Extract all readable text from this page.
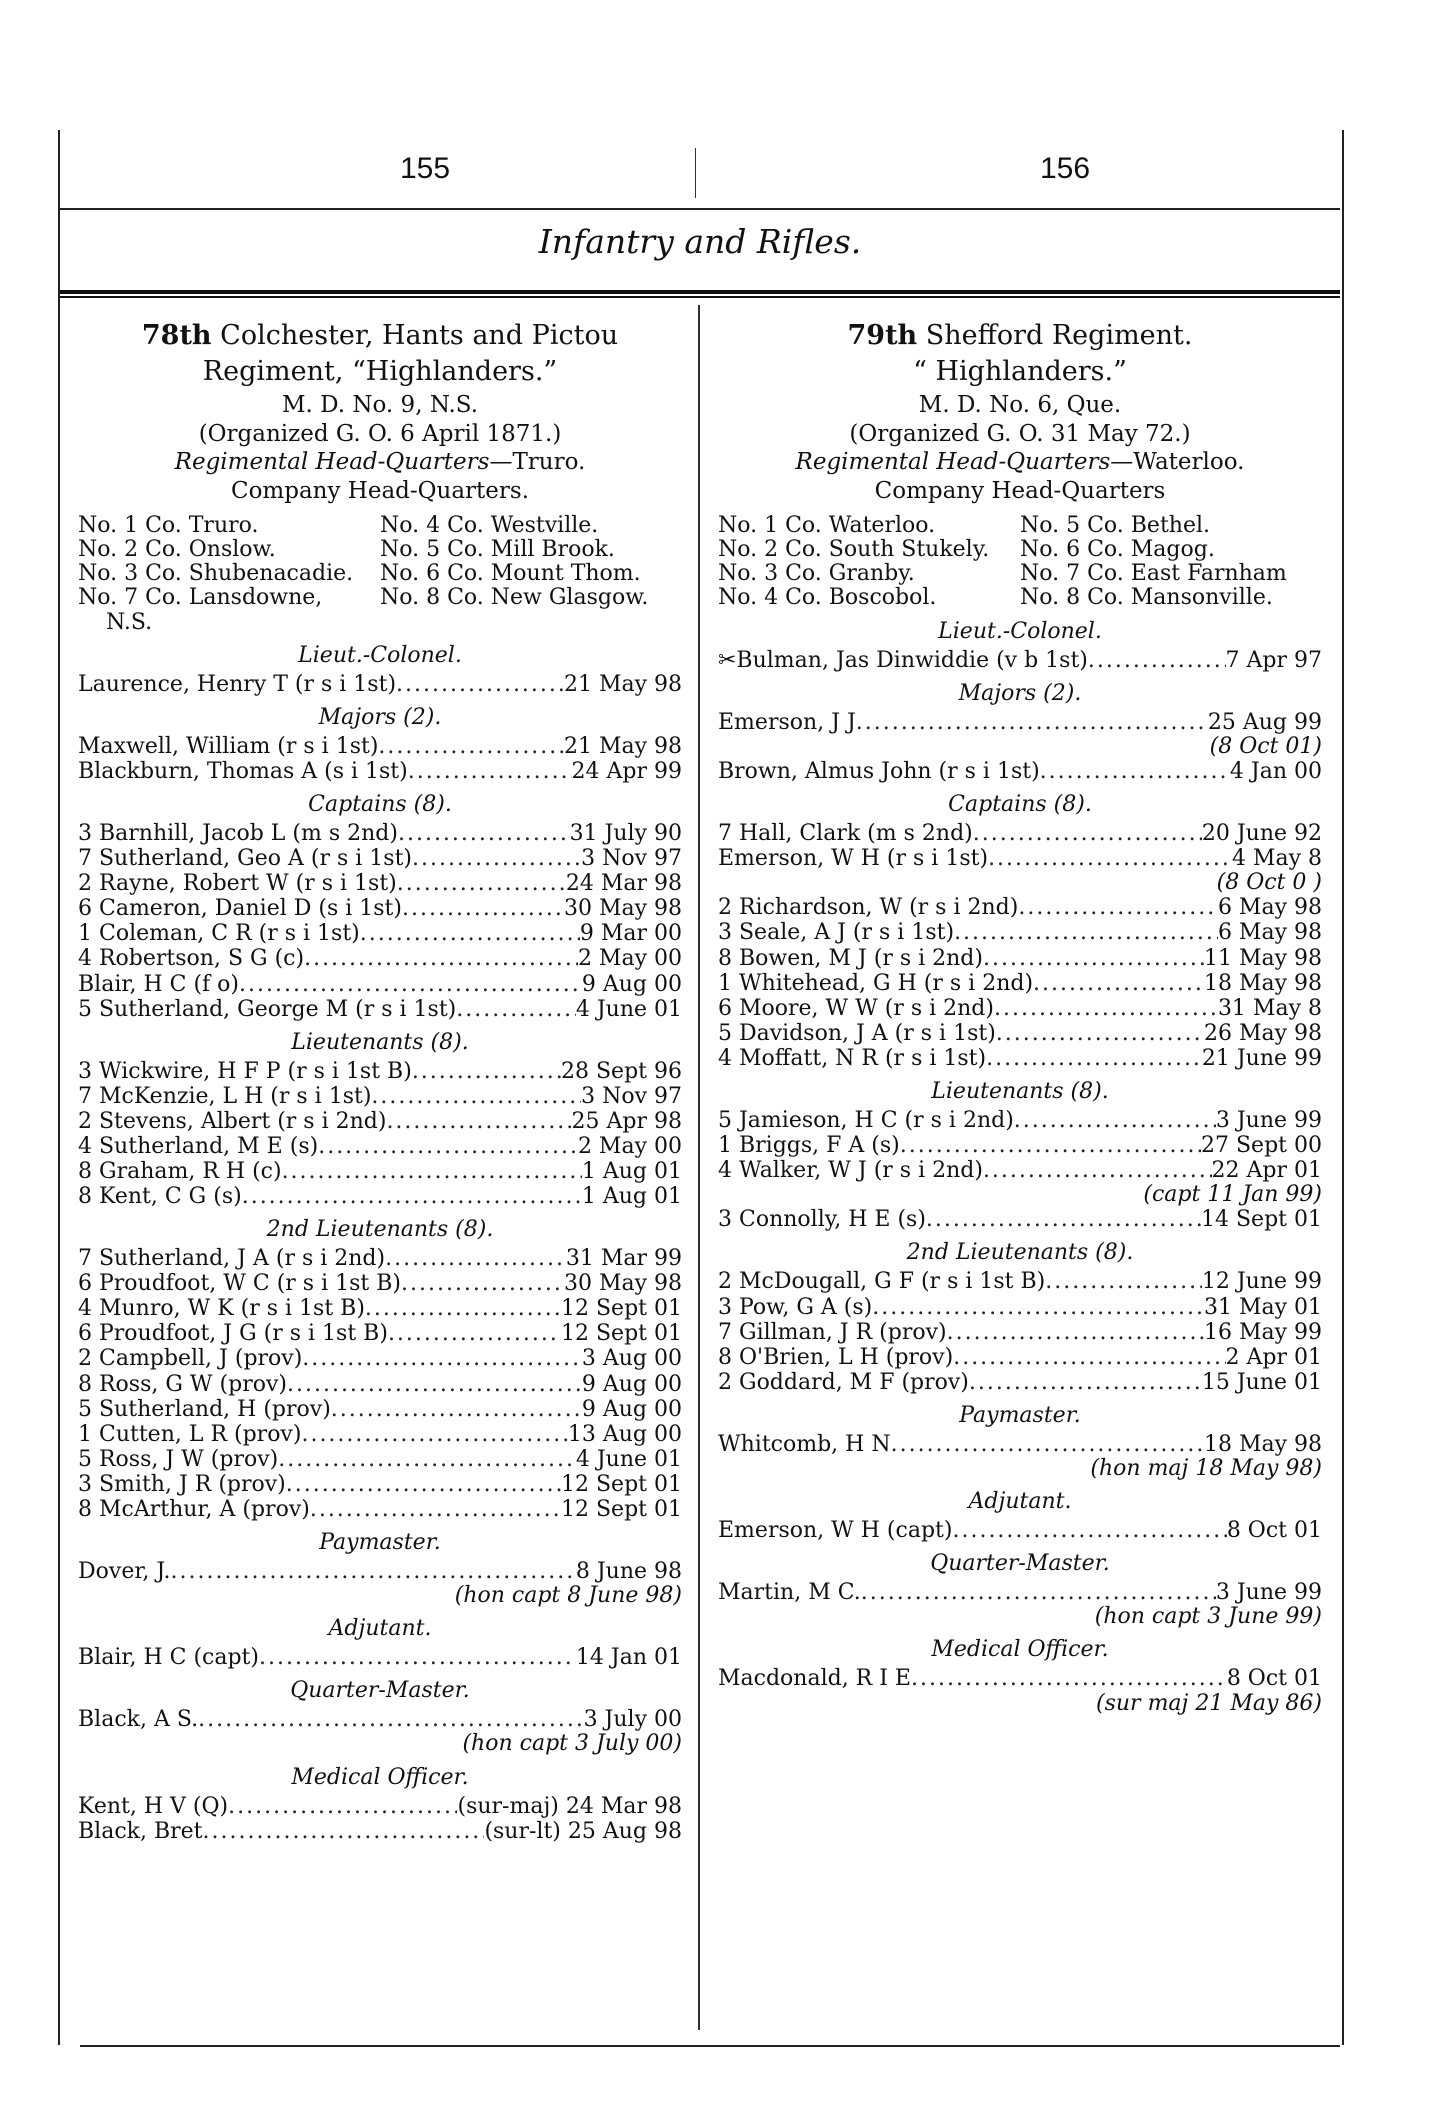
155	156
Infantry and Rifles.
78th Colchester, Hants and Pictou
Regiment, “Highlanders.”
M. D. No. 9, N.S.
(Organized G. O. 6 April 1871.)
Regimental Head-Quarters—Truro.
Company Head-Quarters.
No. 1 Co. Truro.	No. 4 Co. Westville.
No. 2 Co. Onslow.	No. 5 Co. Mill Brook.
No. 3 Co. Shubenacadie.	No. 6 Co. Mount Thom.
No. 7 Co. Lansdowne,	No. 8 Co. New Glasgow.
N.S.
Lieut.-Colonel.
Laurence, Henry T (r s i 1st) .....	21 May 98
Majors (2).
Maxwell, William (r s i 1st) .....	21 May 98
Blackburn, Thomas A (s i 1st) .....	24 Apr 99
Captains (8).
3 Barnhill, Jacob L (m s 2nd) .....	31 July 90
7 Sutherland, Geo A (r s i 1st) .....	3 Nov 97
2 Rayne, Robert W (r s i 1st) .....	24 Mar 98
6 Cameron, Daniel D (s i 1st) .....	30 May 98
1 Coleman, C R (r s i 1st) .....	9 Mar 00
4 Robertson, S G (c) .....	2 May 00
Blair, H C (f o) .....	9 Aug 00
5 Sutherland, George M (r s i 1st) .....	4 June 01
Lieutenants (8).
3 Wickwire, H F P (r s i 1st B) .....	28 Sept 96
7 McKenzie, L H (r s i 1st) .....	3 Nov 97
2 Stevens, Albert (r s i 2nd) .....	25 Apr 98
4 Sutherland, M E (s) .....	2 May 00
8 Graham, R H (c) .....	1 Aug 01
8 Kent, C G (s) .....	1 Aug 01
2nd Lieutenants (8).
7 Sutherland, J A (r s i 2nd) .....	31 Mar 99
6 Proudfoot, W C (r s i 1st B) .....	30 May 98
4 Munro, W K (r s i 1st B) .....	12 Sept 01
6 Proudfoot, J G (r s i 1st B) .....	12 Sept 01
2 Campbell, J (prov) .....	3 Aug 00
8 Ross, G W (prov) .....	9 Aug 00
5 Sutherland, H (prov) .....	9 Aug 00
1 Cutten, L R (prov) .....	13 Aug 00
5 Ross, J W (prov) .....	4 June 01
3 Smith, J R (prov) .....	12 Sept 01
8 McArthur, A (prov) .....	12 Sept 01
Paymaster.
Dover, J. .....	8 June 98
(hon capt 8 June 98)
Adjutant.
Blair, H C (capt) .....	14 Jan 01
Quarter-Master.
Black, A S. .....	3 July 00
(hon capt 3 July 00)
Medical Officer.
Kent, H V (Q) .....	(sur-maj) 24 Mar 98
Black, Bret .....	(sur-lt) 25 Aug 98
79th Shefford Regiment.
“ Highlanders.”
M. D. No. 6, Que.
(Organized G. O. 31 May 72.)
Regimental Head-Quarters—Waterloo.
Company Head-Quarters
No. 1 Co. Waterloo.	No. 5 Co. Bethel.
No. 2 Co. South Stukely.	No. 6 Co. Magog.
No. 3 Co. Granby.	No. 7 Co. East Farnham
No. 4 Co. Boscobol.	No. 8 Co. Mansonville.
Lieut.-Colonel.
✂Bulman, Jas Dinwiddie (v b 1st) .....	7 Apr 97
Majors (2).
Emerson, J J .....	25 Aug 99
(8 Oct 01)
Brown, Almus John (r s i 1st) .....	4 Jan 00
Captains (8).
7 Hall, Clark (m s 2nd) .....	20 June 92
Emerson, W H (r s i 1st) .....	4 May 8
(8 Oct 0 )
2 Richardson, W (r s i 2nd) .....	6 May 98
3 Seale, A J (r s i 1st) .....	6 May 98
8 Bowen, M J (r s i 2nd) .....	11 May 98
1 Whitehead, G H (r s i 2nd) .....	18 May 98
6 Moore, W W (r s i 2nd) .....	31 May 8
5 Davidson, J A (r s i 1st) .....	26 May 98
4 Moffatt, N R (r s i 1st) .....	21 June 99
Lieutenants (8).
5 Jamieson, H C (r s i 2nd) .....	3 June 99
1 Briggs, F A (s) .....	27 Sept 00
4 Walker, W J (r s i 2nd) .....	22 Apr 01
(capt 11 Jan 99)
3 Connolly, H E (s) .....	14 Sept 01
2nd Lieutenants (8).
2 McDougall, G F (r s i 1st B) .....	12 June 99
3 Pow, G A (s) .....	31 May 01
7 Gillman, J R (prov) .....	16 May 99
8 O'Brien, L H (prov) .....	2 Apr 01
2 Goddard, M F (prov) .....	15 June 01
Paymaster.
Whitcomb, H N .....	18 May 98
(hon maj 18 May 98)
Adjutant.
Emerson, W H (capt) .....	8 Oct 01
Quarter-Master.
Martin, M C. .....	3 June 99
(hon capt 3 June 99)
Medical Officer.
Macdonald, R I E .....	8 Oct 01
(sur maj 21 May 86)
